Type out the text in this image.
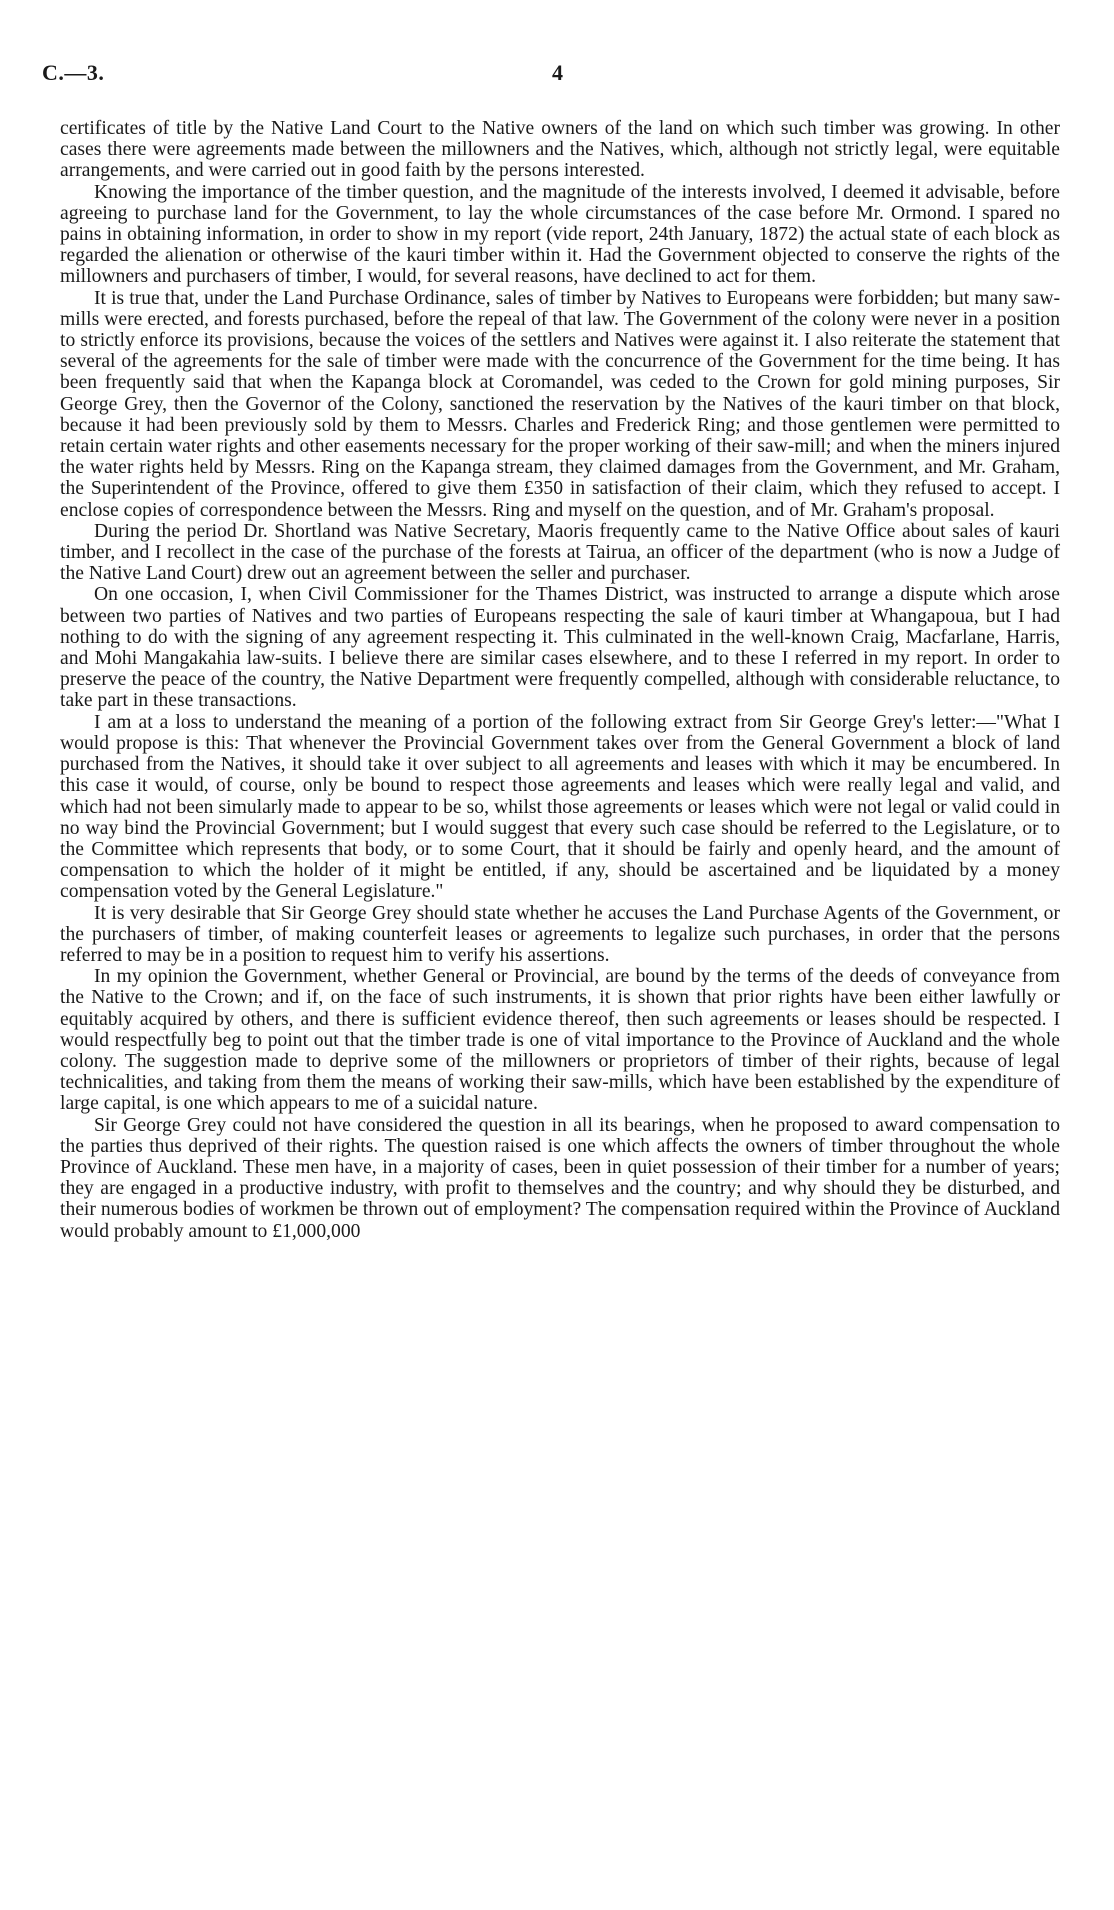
C.—3.	4

certificates of title by the Native Land Court to the Native owners of the land on which such timber was growing. In other cases there were agreements made between the millowners and the Natives, which, although not strictly legal, were equitable arrangements, and were carried out in good faith by the persons interested.

Knowing the importance of the timber question, and the magnitude of the interests involved, I deemed it advisable, before agreeing to purchase land for the Government, to lay the whole circumstances of the case before Mr. Ormond. I spared no pains in obtaining information, in order to show in my report (vide report, 24th January, 1872) the actual state of each block as regarded the alienation or otherwise of the kauri timber within it. Had the Government objected to conserve the rights of the millowners and purchasers of timber, I would, for several reasons, have declined to act for them.

It is true that, under the Land Purchase Ordinance, sales of timber by Natives to Europeans were forbidden; but many saw-mills were erected, and forests purchased, before the repeal of that law. The Government of the colony were never in a position to strictly enforce its provisions, because the voices of the settlers and Natives were against it. I also reiterate the statement that several of the agreements for the sale of timber were made with the concurrence of the Government for the time being. It has been frequently said that when the Kapanga block at Coromandel, was ceded to the Crown for gold mining purposes, Sir George Grey, then the Governor of the Colony, sanctioned the reservation by the Natives of the kauri timber on that block, because it had been previously sold by them to Messrs. Charles and Frederick Ring; and those gentlemen were permitted to retain certain water rights and other easements necessary for the proper working of their saw-mill; and when the miners injured the water rights held by Messrs. Ring on the Kapanga stream, they claimed damages from the Government, and Mr. Graham, the Superintendent of the Province, offered to give them £350 in satisfaction of their claim, which they refused to accept. I enclose copies of correspondence between the Messrs. Ring and myself on the question, and of Mr. Graham's proposal.

During the period Dr. Shortland was Native Secretary, Maoris frequently came to the Native Office about sales of kauri timber, and I recollect in the case of the purchase of the forests at Tairua, an officer of the department (who is now a Judge of the Native Land Court) drew out an agreement between the seller and purchaser.

On one occasion, I, when Civil Commissioner for the Thames District, was instructed to arrange a dispute which arose between two parties of Natives and two parties of Europeans respecting the sale of kauri timber at Whangapoua, but I had nothing to do with the signing of any agreement respecting it. This culminated in the well-known Craig, Macfarlane, Harris, and Mohi Mangakahia law-suits. I believe there are similar cases elsewhere, and to these I referred in my report. In order to preserve the peace of the country, the Native Department were frequently compelled, although with considerable reluctance, to take part in these transactions.

I am at a loss to understand the meaning of a portion of the following extract from Sir George Grey's letter:—"What I would propose is this: That whenever the Provincial Government takes over from the General Government a block of land purchased from the Natives, it should take it over subject to all agreements and leases with which it may be encumbered. In this case it would, of course, only be bound to respect those agreements and leases which were really legal and valid, and which had not been simularly made to appear to be so, whilst those agreements or leases which were not legal or valid could in no way bind the Provincial Government; but I would suggest that every such case should be referred to the Legislature, or to the Committee which represents that body, or to some Court, that it should be fairly and openly heard, and the amount of compensation to which the holder of it might be entitled, if any, should be ascertained and be liquidated by a money compensation voted by the General Legislature."

It is very desirable that Sir George Grey should state whether he accuses the Land Purchase Agents of the Government, or the purchasers of timber, of making counterfeit leases or agreements to legalize such purchases, in order that the persons referred to may be in a position to request him to verify his assertions.

In my opinion the Government, whether General or Provincial, are bound by the terms of the deeds of conveyance from the Native to the Crown; and if, on the face of such instruments, it is shown that prior rights have been either lawfully or equitably acquired by others, and there is sufficient evidence thereof, then such agreements or leases should be respected. I would respectfully beg to point out that the timber trade is one of vital importance to the Province of Auckland and the whole colony. The suggestion made to deprive some of the millowners or proprietors of timber of their rights, because of legal technicalities, and taking from them the means of working their saw-mills, which have been established by the expenditure of large capital, is one which appears to me of a suicidal nature.

Sir George Grey could not have considered the question in all its bearings, when he proposed to award compensation to the parties thus deprived of their rights. The question raised is one which affects the owners of timber throughout the whole Province of Auckland. These men have, in a majority of cases, been in quiet possession of their timber for a number of years; they are engaged in a productive industry, with profit to themselves and the country; and why should they be disturbed, and their numerous bodies of workmen be thrown out of employment? The compensation required within the Province of Auckland would probably amount to £1,000,000
